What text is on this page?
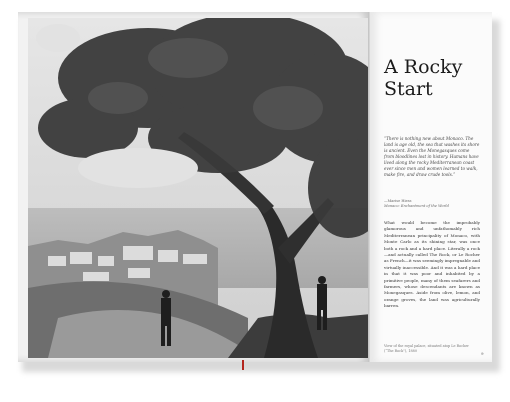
A Rocky
Start

“There is nothing new about Monaco. The land is age old, the sea that washes its shore is ancient. Even the Monegasques come from bloodlines lost in history. Humans have lived along the rocky Mediterranean coast ever since men and women learned to walk, make fire, and draw crude tools.”

—Marise Hiess
Monaco: Enchantment of the World

What would become the improbably glamorous and unfathomably rich Mediterranean principality of Monaco, with Monte Carlo as its shining star, was once both a rock and a hard place. Literally a rock—and actually called The Rock, or Le Rocher as French—it was seemingly impregnable and virtually inaccessible. And it was a hard place in that it was poor and inhabited by a primitive people, many of them seafarers and farmers, whose descendants are known as Monegasques. Aside from olive, lemon, and orange groves, the land was agriculturally barren.

View of the royal palace, situated atop Le Rocher (“The Rock”), 1880

9
